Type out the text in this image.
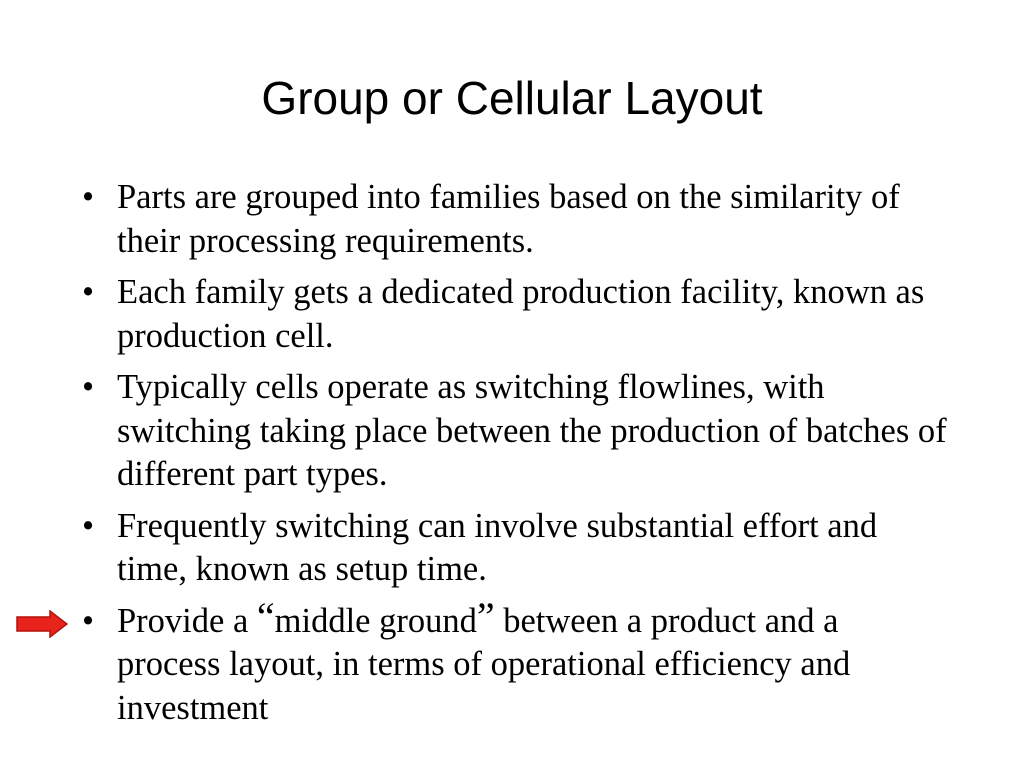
Group or Cellular Layout
• Parts are grouped into families based on the similarity of their processing requirements.
• Each family gets a dedicated production facility, known as production cell.
• Typically cells operate as switching flowlines, with switching taking place between the production of batches of different part types.
• Frequently switching can involve substantial effort and time, known as setup time.
• Provide a “middle ground” between a product and a process layout, in terms of operational efficiency and investment
